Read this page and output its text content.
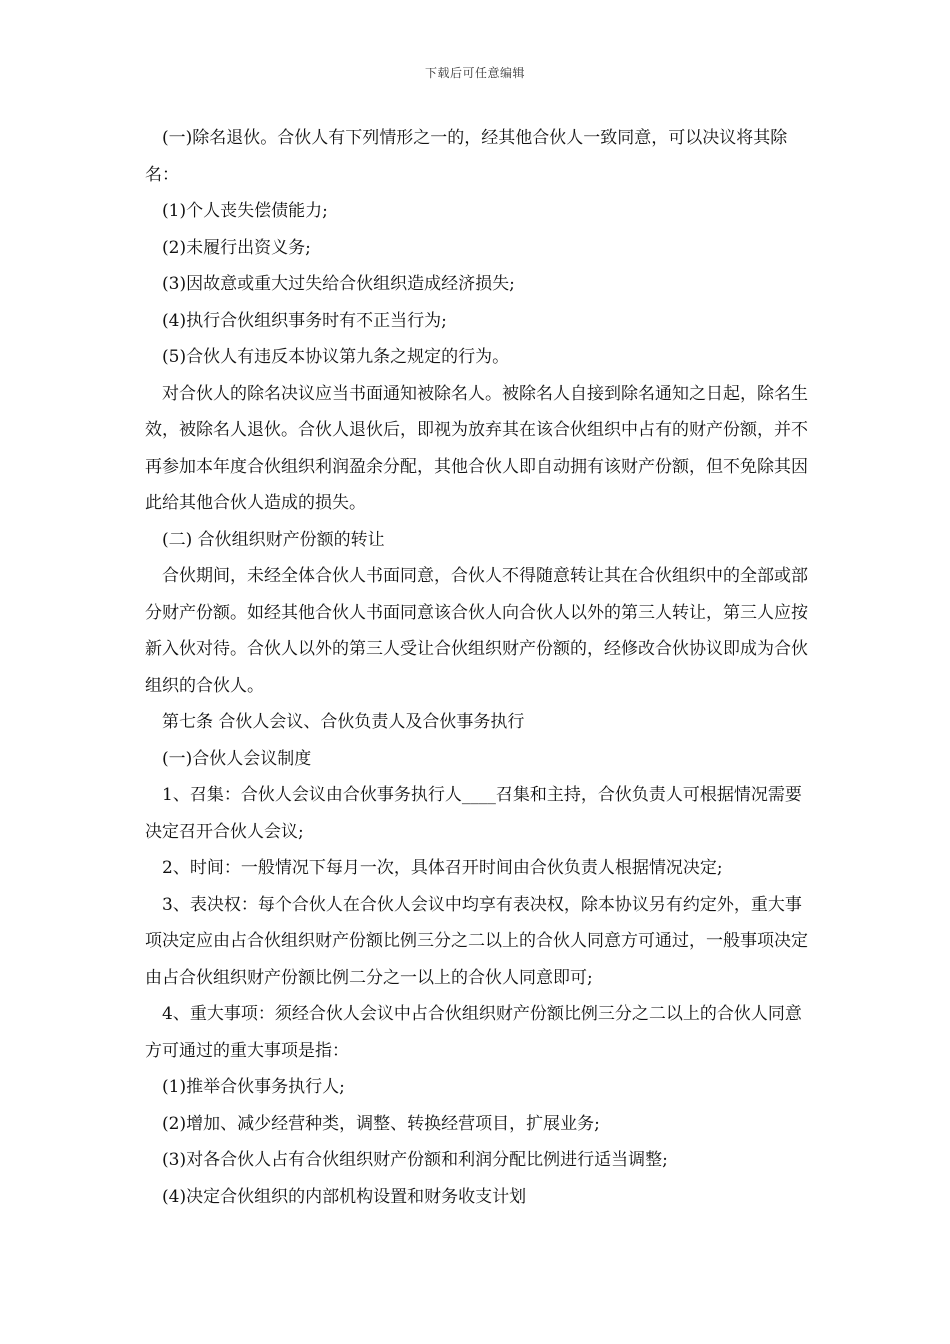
下载后可任意编辑

(一)除名退伙。合伙人有下列情形之一的，经其他合伙人一致同意，可以决议将其除名：

(1)个人丧失偿债能力;

(2)未履行出资义务;

(3)因故意或重大过失给合伙组织造成经济损失;

(4)执行合伙组织事务时有不正当行为;

(5)合伙人有违反本协议第九条之规定的行为。

对合伙人的除名决议应当书面通知被除名人。被除名人自接到除名通知之日起，除名生效，被除名人退伙。合伙人退伙后，即视为放弃其在该合伙组织中占有的财产份额，并不再参加本年度合伙组织利润盈余分配，其他合伙人即自动拥有该财产份额，但不免除其因此给其他合伙人造成的损失。

(二) 合伙组织财产份额的转让

合伙期间，未经全体合伙人书面同意，合伙人不得随意转让其在合伙组织中的全部或部分财产份额。如经其他合伙人书面同意该合伙人向合伙人以外的第三人转让，第三人应按新入伙对待。合伙人以外的第三人受让合伙组织财产份额的，经修改合伙协议即成为合伙组织的合伙人。

第七条 合伙人会议、合伙负责人及合伙事务执行

(一)合伙人会议制度

1、召集：合伙人会议由合伙事务执行人____召集和主持，合伙负责人可根据情况需要决定召开合伙人会议;

2、时间：一般情况下每月一次，具体召开时间由合伙负责人根据情况决定;

3、表决权：每个合伙人在合伙人会议中均享有表决权，除本协议另有约定外，重大事项决定应由占合伙组织财产份额比例三分之二以上的合伙人同意方可通过，一般事项决定由占合伙组织财产份额比例二分之一以上的合伙人同意即可;

4、重大事项：须经合伙人会议中占合伙组织财产份额比例三分之二以上的合伙人同意方可通过的重大事项是指：

(1)推举合伙事务执行人;

(2)增加、减少经营种类，调整、转换经营项目，扩展业务;

(3)对各合伙人占有合伙组织财产份额和利润分配比例进行适当调整;

(4)决定合伙组织的内部机构设置和财务收支计划
